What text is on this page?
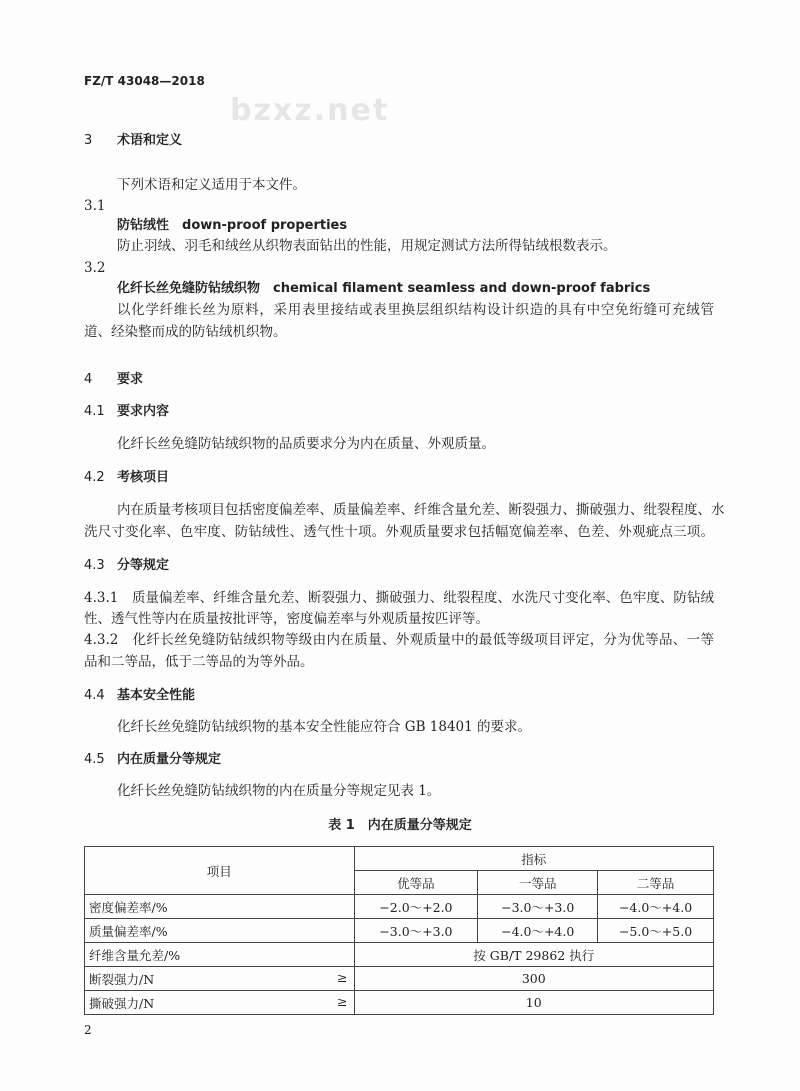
bzxz.net
FZ/T 43048—2018
3 术语和定义
下列术语和定义适用于本文件。
3.1
防钻绒性　 down-proof properties
防止羽绒、羽毛和绒丝从织物表面钻出的性能，用规定测试方法所得钻绒根数表示。
3.2
化纤长丝免缝防钻绒织物　 chemical filament seamless and down-proof fabrics
以化学纤维长丝为原料，采用表里接结或表里换层组织结构设计织造的具有中空免绗缝可充绒管
道、经染整而成的防钻绒机织物。
4 要求
4.1 要求内容
化纤长丝免缝防钻绒织物的品质要求分为内在质量、外观质量。
4.2 考核项目
内在质量考核项目包括密度偏差率、质量偏差率、纤维含量允差、断裂强力、撕破强力、纰裂程度、水
洗尺寸变化率、色牢度、防钻绒性、透气性十项。外观质量要求包括幅宽偏差率、色差、外观疵点三项。
4.3 分等规定
4.3.1　 质量偏差率、纤维含量允差、断裂强力、撕破强力、纰裂程度、水洗尺寸变化率、色牢度、防钻绒
性、透气性等内在质量按批评等，密度偏差率与外观质量按匹评等。
4.3.2　 化纤长丝免缝防钻绒织物等级由内在质量、外观质量中的最低等级项目评定，分为优等品、一等
品和二等品，低于二等品的为等外品。
4.4 基本安全性能
化纤长丝免缝防钻绒织物的基本安全性能应符合 GB 18401 的要求。
4.5 内在质量分等规定
化纤长丝免缝防钻绒织物的内在质量分等规定见表 1。
表 1　内在质量分等规定
项目	指标		
	优等品	一等品	二等品
密度偏差率/%	−2.0～+2.0	−3.0～+3.0	−4.0～+4.0
质量偏差率/%	−3.0～+3.0	−4.0～+4.0	−5.0～+5.0
纤维含量允差/%	按 GB/T 29862 执行		
断裂强力/N ≥	300		
撕破强力/N ≥	10		
2
